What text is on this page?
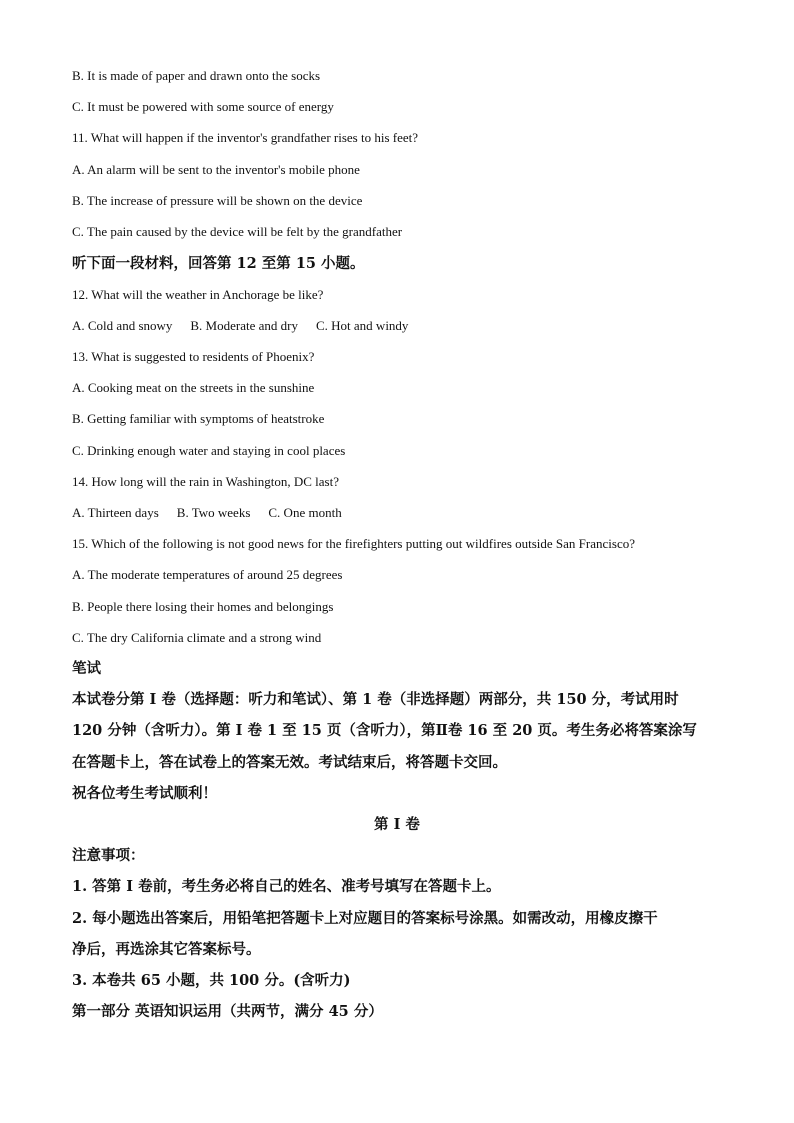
B. It is made of paper and drawn onto the socks
C. It must be powered with some source of energy
11. What will happen if the inventor's grandfather rises to his feet?
A. An alarm will be sent to the inventor's mobile phone
B. The increase of pressure will be shown on the device
C. The pain caused by the device will be felt by the grandfather
听下面一段材料，回答第 12 至第 15 小题。
12. What will the weather in Anchorage be like?
A. Cold and snowy B. Moderate and dry C. Hot and windy
13. What is suggested to residents of Phoenix?
A. Cooking meat on the streets in the sunshine
B. Getting familiar with symptoms of heatstroke
C. Drinking enough water and staying in cool places
14. How long will the rain in Washington, DC last?
A. Thirteen days B. Two weeks C. One month
15. Which of the following is not good news for the firefighters putting out wildfires outside San Francisco?
A. The moderate temperatures of around 25 degrees
B. People there losing their homes and belongings
C. The dry California climate and a strong wind
笔试
本试卷分第 I 卷（选择题：听力和笔试）、第 1 卷（非选择题）两部分，共 150 分，考试用时
120 分钟（含听力）。第 I 卷 1 至 15 页（含听力），第Ⅱ卷 16 至 20 页。考生务必将答案涂写
在答题卡上，答在试卷上的答案无效。考试结束后，将答题卡交回。
祝各位考生考试顺利！
第 I 卷
注意事项：
1. 答第 I 卷前，考生务必将自己的姓名、准考号填写在答题卡上。
2. 每小题选出答案后，用铅笔把答题卡上对应题目的答案标号涂黑。如需改动，用橡皮擦干
净后，再选涂其它答案标号。
3. 本卷共 65 小题，共 100 分。(含听力)
第一部分 英语知识运用（共两节，满分 45 分）
